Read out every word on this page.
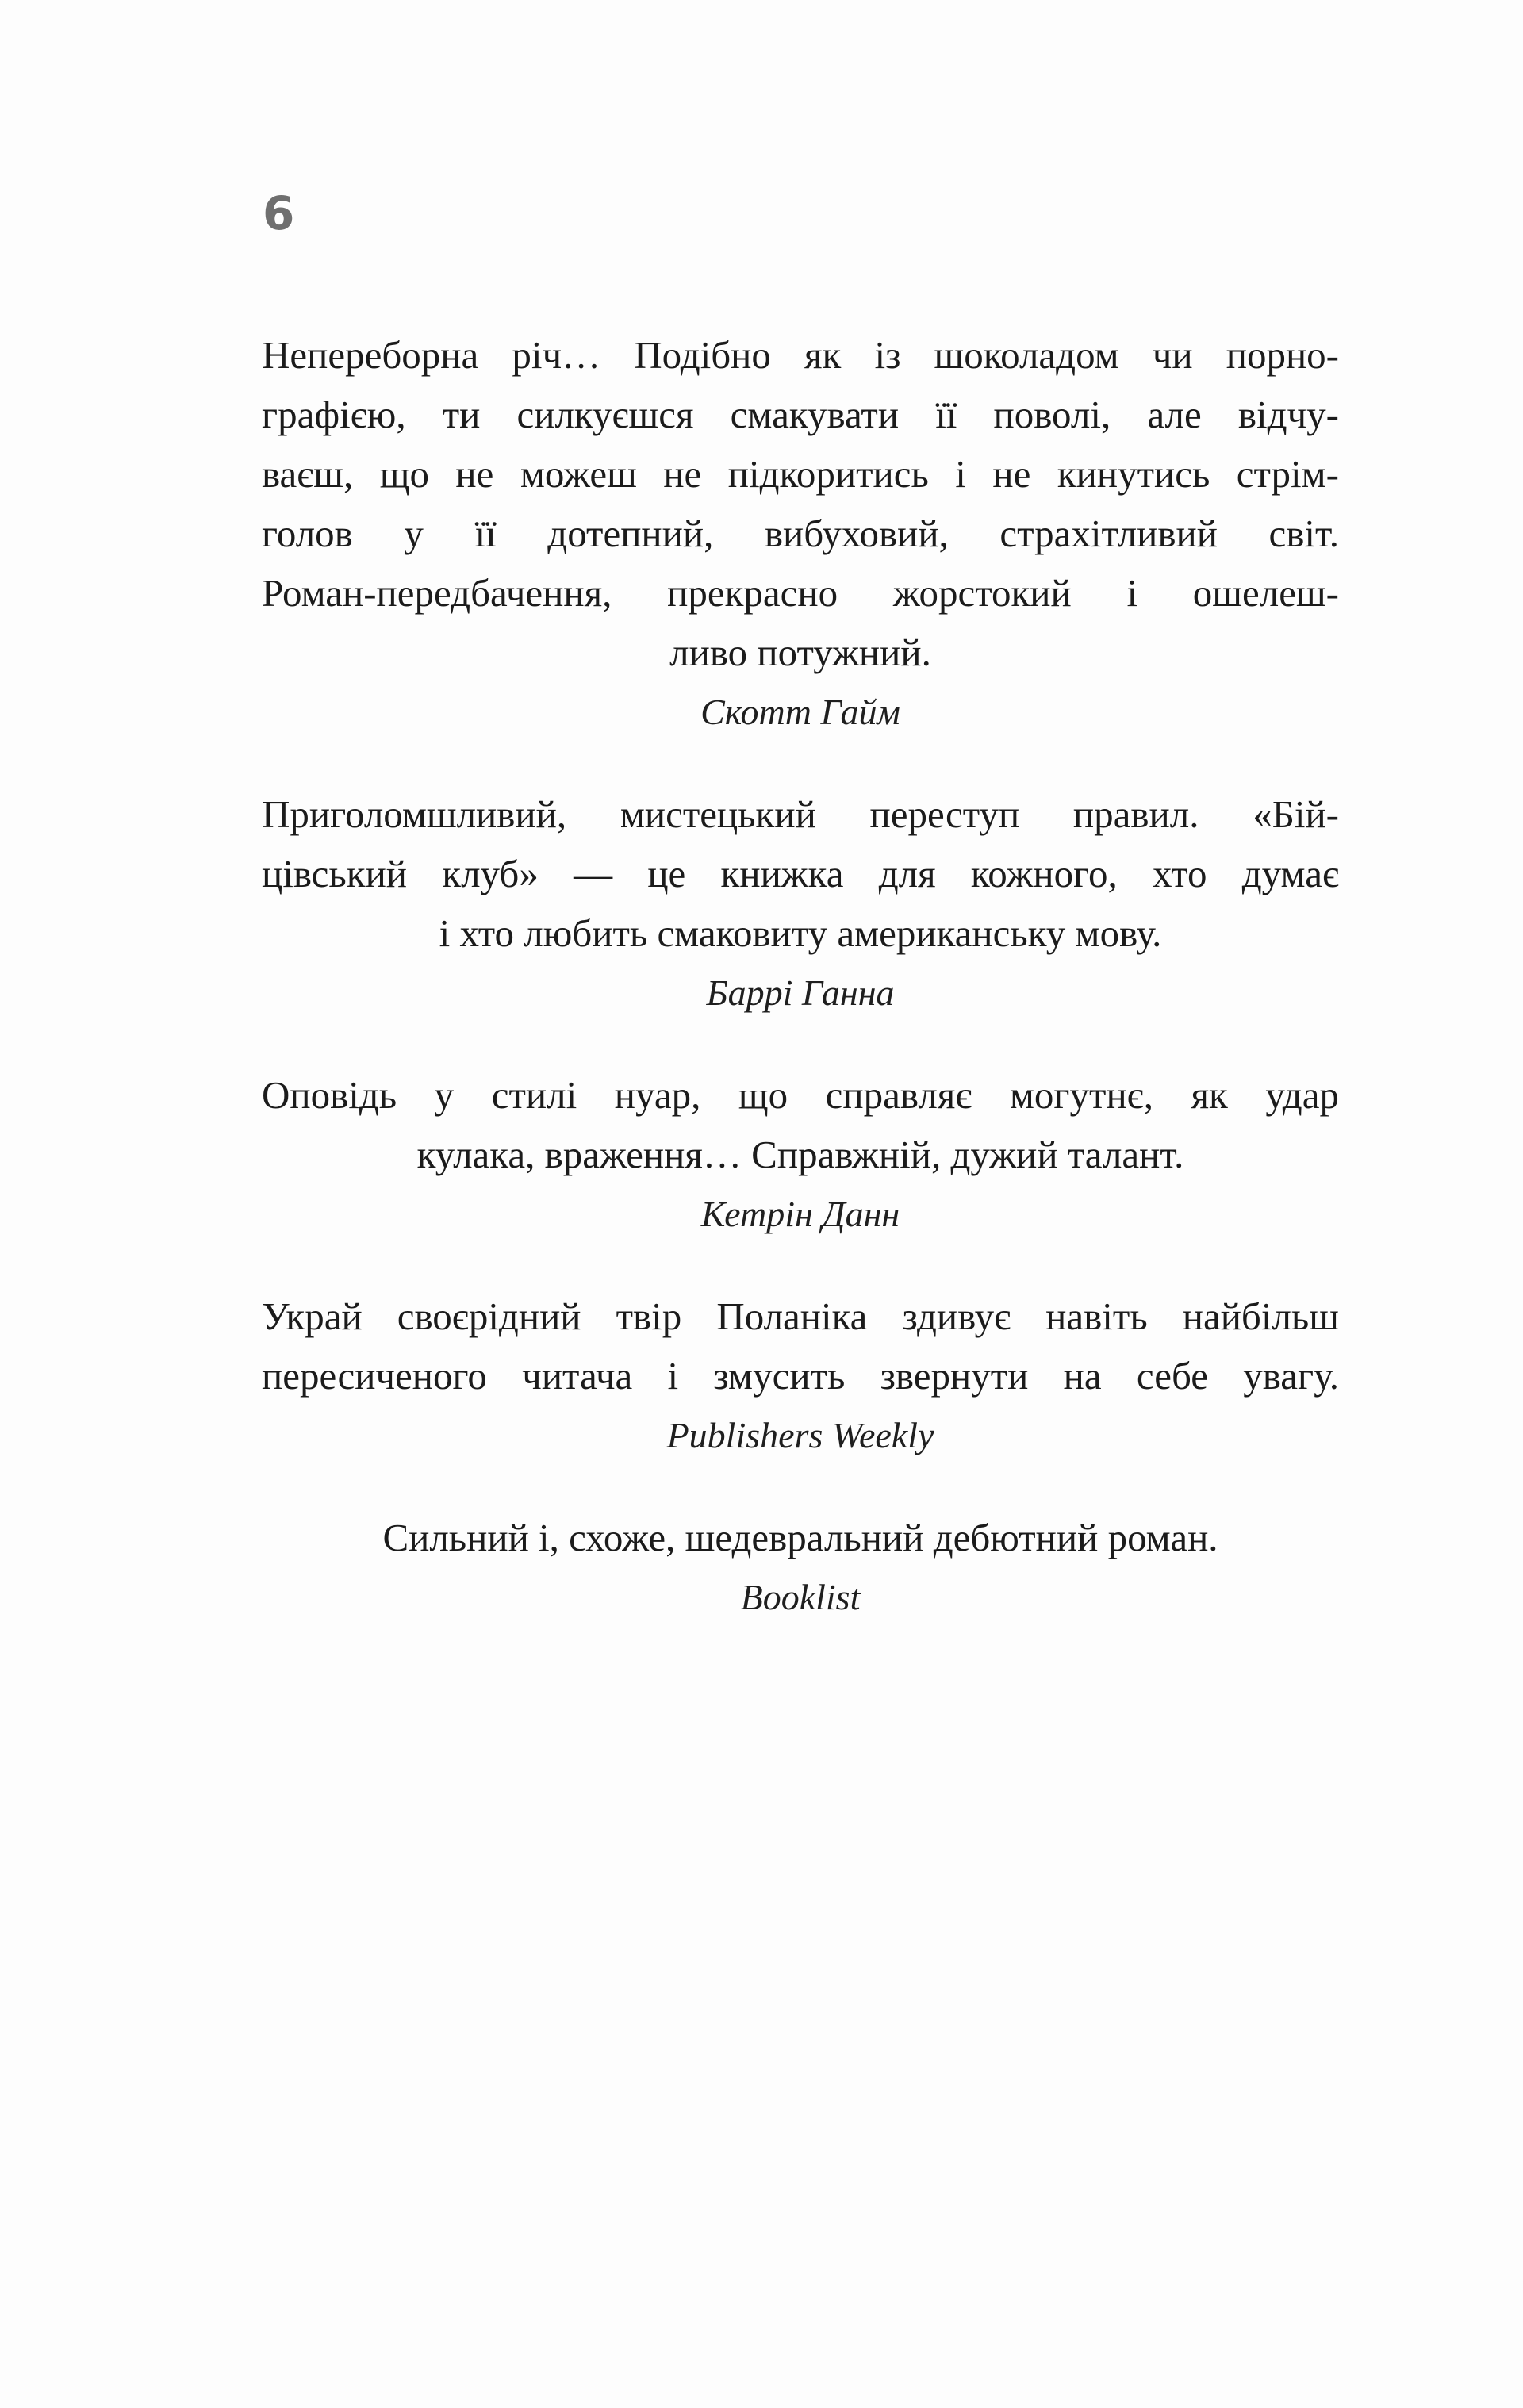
6
Непереборна річ… Подібно як із шоколадом чи порно-
графією, ти силкуєшся смакувати її поволі, але відчу-
ваєш, що не можеш не підкоритись і не кинутись стрім-
голов у її дотепний, вибуховий, страхітливий світ.
Роман-передбачення, прекрасно жорстокий і ошелеш-
ливо потужний.
Скотт Гайм
Приголомшливий, мистецький переступ правил. «Бій-
цівський клуб» — це книжка для кожного, хто думає
і хто любить смаковиту американську мову.
Баррі Ганна
Оповідь у стилі нуар, що справляє могутнє, як удар
кулака, враження… Справжній, дужий талант.
Кетрін Данн
Украй своєрідний твір Поланіка здивує навіть найбільш
пересиченого читача і змусить звернути на себе увагу.
Publishers Weekly
Сильний і, схоже, шедевральний дебютний роман.
Booklist
